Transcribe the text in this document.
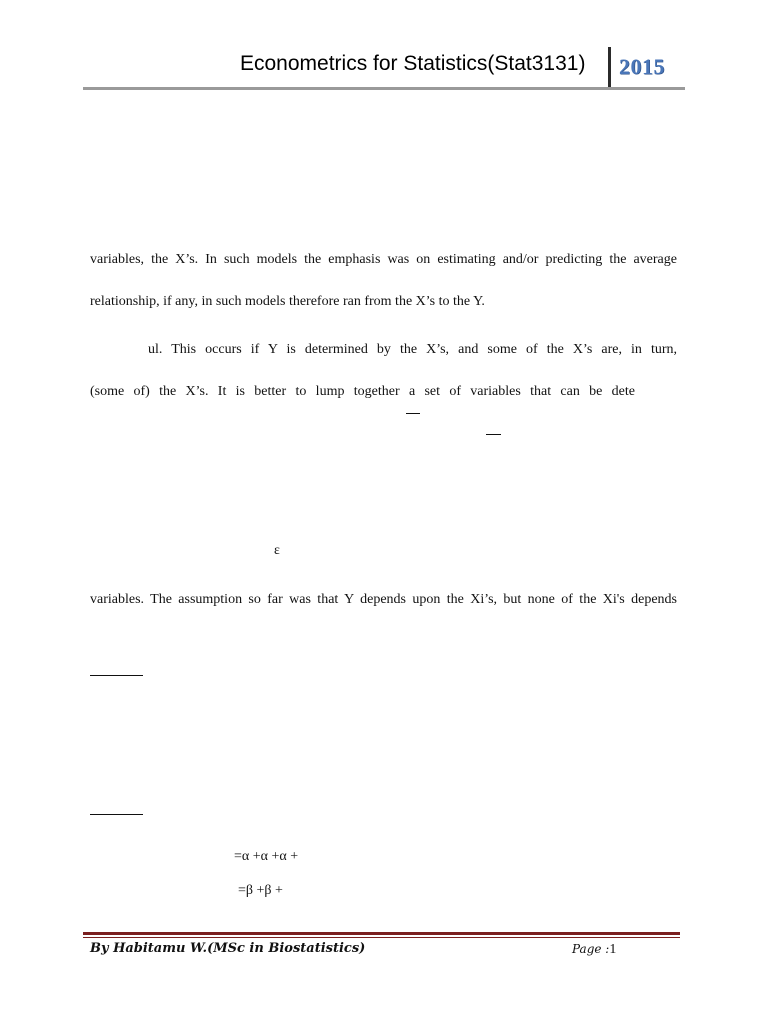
Econometrics for Statistics(Stat3131) 2015
variables, the X’s. In such models the emphasis was on estimating and/or predicting the average
relationship, if any, in such models therefore ran from the X’s to the Y.
ul. This occurs if Y is determined by the X’s, and some of the X’s are, in turn,
(some of) the X’s. It is better to lump together a set of variables that can be dete
ε
variables. The assumption so far was that Y depends upon the Xi’s, but none of the Xi's depends
=α +α +α +
=β +β +
By Habitamu W.(MSc in Biostatistics)	Page :1
